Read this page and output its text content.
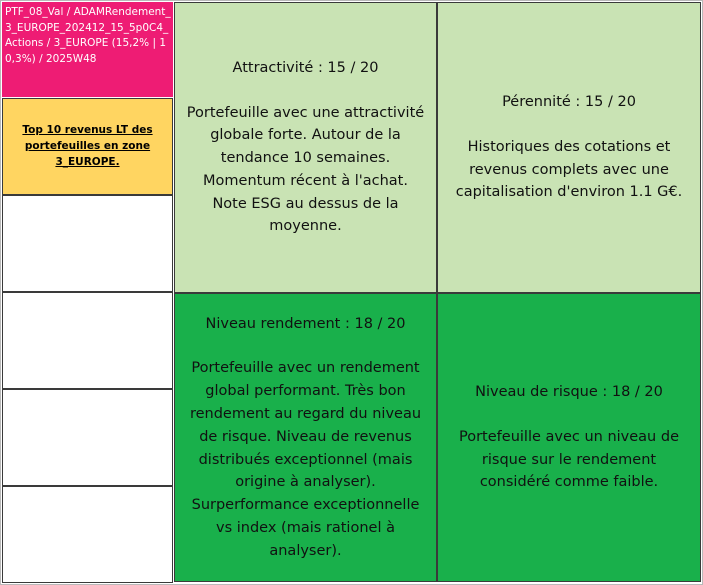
PTF_08_Val / ADAMRendement_3_EUROPE_202412_15_5p0C4_Actions / 3_EUROPE (15,2% | 10,3%) / 2025W48
Top 10 revenus LT des portefeuilles en zone 3_EUROPE.
Attractivité : 15 / 20
Portefeuille avec une attractivité
globale forte. Autour de la
tendance 10 semaines.
Momentum récent à l'achat.
Note ESG au dessus de la
moyenne.
Pérennité : 15 / 20
Historiques des cotations et
revenus complets avec une
capitalisation d'environ 1.1 G€.
Niveau rendement : 18 / 20
Portefeuille avec un rendement
global performant. Très bon
rendement au regard du niveau
de risque. Niveau de revenus
distribués exceptionnel (mais
origine à analyser).
Surperformance exceptionnelle
vs index (mais rationel à
analyser).
Niveau de risque : 18 / 20
Portefeuille avec un niveau de
risque sur le rendement
considéré comme faible.
